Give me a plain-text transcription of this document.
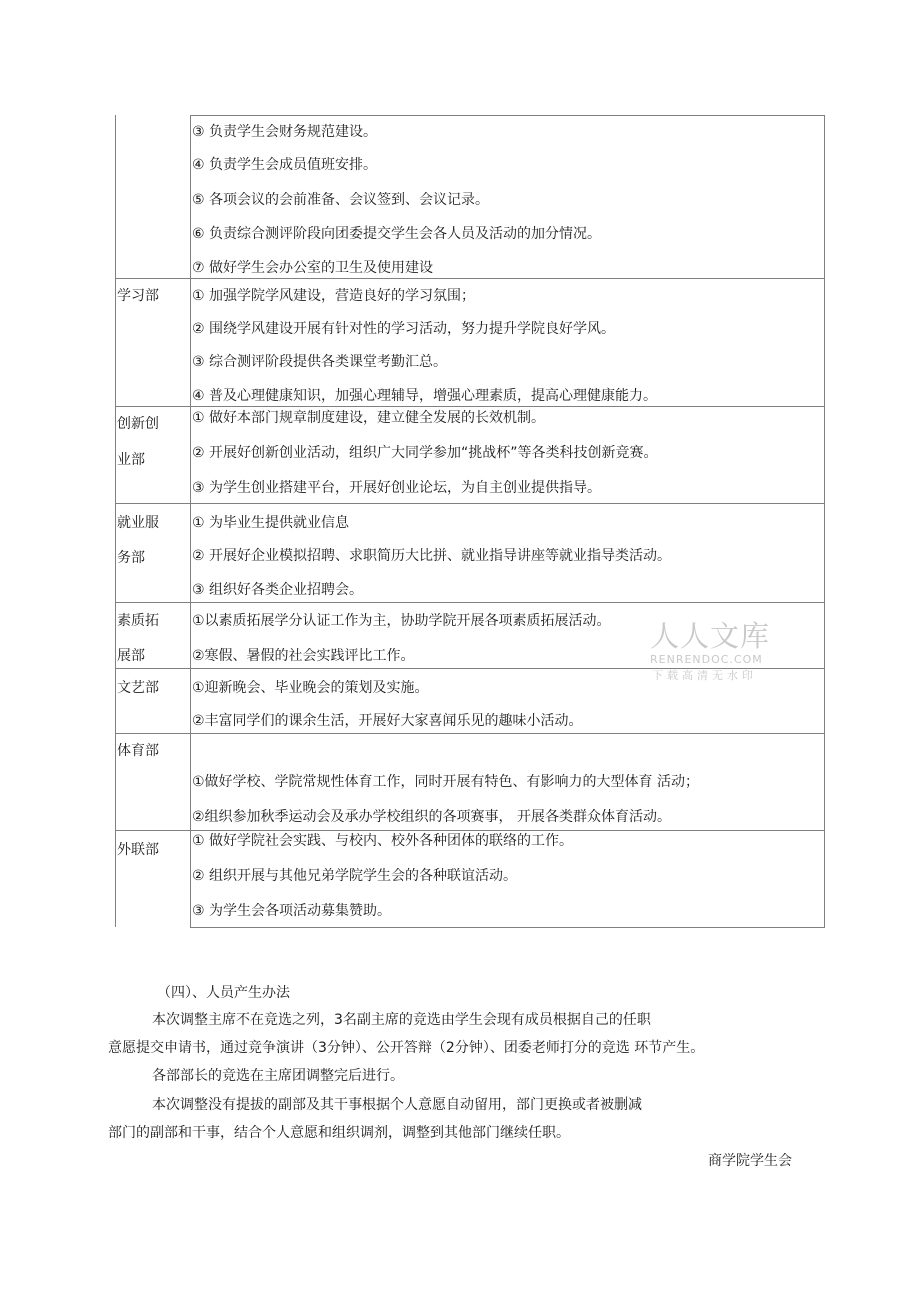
③ 负责学生会财务规范建设。
④ 负责学生会成员值班安排。
⑤ 各项会议的会前准备、会议签到、会议记录。
⑥ 负责综合测评阶段向团委提交学生会各人员及活动的加分情况。
⑦ 做好学生会办公室的卫生及使用建设
学习部 ① 加强学院学风建设，营造良好的学习氛围；
② 围绕学风建设开展有针对性的学习活动，努力提升学院良好学风。
③ 综合测评阶段提供各类课堂考勤汇总。
④ 普及心理健康知识，加强心理辅导，增强心理素质，提高心理健康能力。
创新创
业部
① 做好本部门规章制度建设，建立健全发展的长效机制。
② 开展好创新创业活动，组织广大同学参加“挑战杯”等各类科技创新竞赛。
③ 为学生创业搭建平台，开展好创业论坛，为自主创业提供指导。
就业服
务部
① 为毕业生提供就业信息
② 开展好企业模拟招聘、求职简历大比拼、就业指导讲座等就业指导类活动。
③ 组织好各类企业招聘会。
素质拓
展部
①以素质拓展学分认证工作为主，协助学院开展各项素质拓展活动。
②寒假、暑假的社会实践评比工作。
文艺部 ①迎新晚会、毕业晚会的策划及实施。
②丰富同学们的课余生活，开展好大家喜闻乐见的趣味小活动。
体育部
①做好学校、学院常规性体育工作，同时开展有特色、有影响力的大型体育 活动；
②组织参加秋季运动会及承办学校组织的各项赛事， 开展各类群众体育活动。
外联部
① 做好学院社会实践、与校内、校外各种团体的联络的工作。
② 组织开展与其他兄弟学院学生会的各种联谊活动。
③ 为学生会各项活动募集赞助。
人人文库
RENRENDOC.COM
下载高清无水印
（四）、人员产生办法
本次调整主席不在竞选之列，3名副主席的竞选由学生会现有成员根据自己的任职
意愿提交申请书，通过竞争演讲（3分钟）、公开答辩（2分钟）、团委老师打分的竞选 环节产生。
各部部长的竞选在主席团调整完后进行。
本次调整没有提拔的副部及其干事根据个人意愿自动留用，部门更换或者被删减
部门的副部和干事，结合个人意愿和组织调剂，调整到其他部门继续任职。
商学院学生会
